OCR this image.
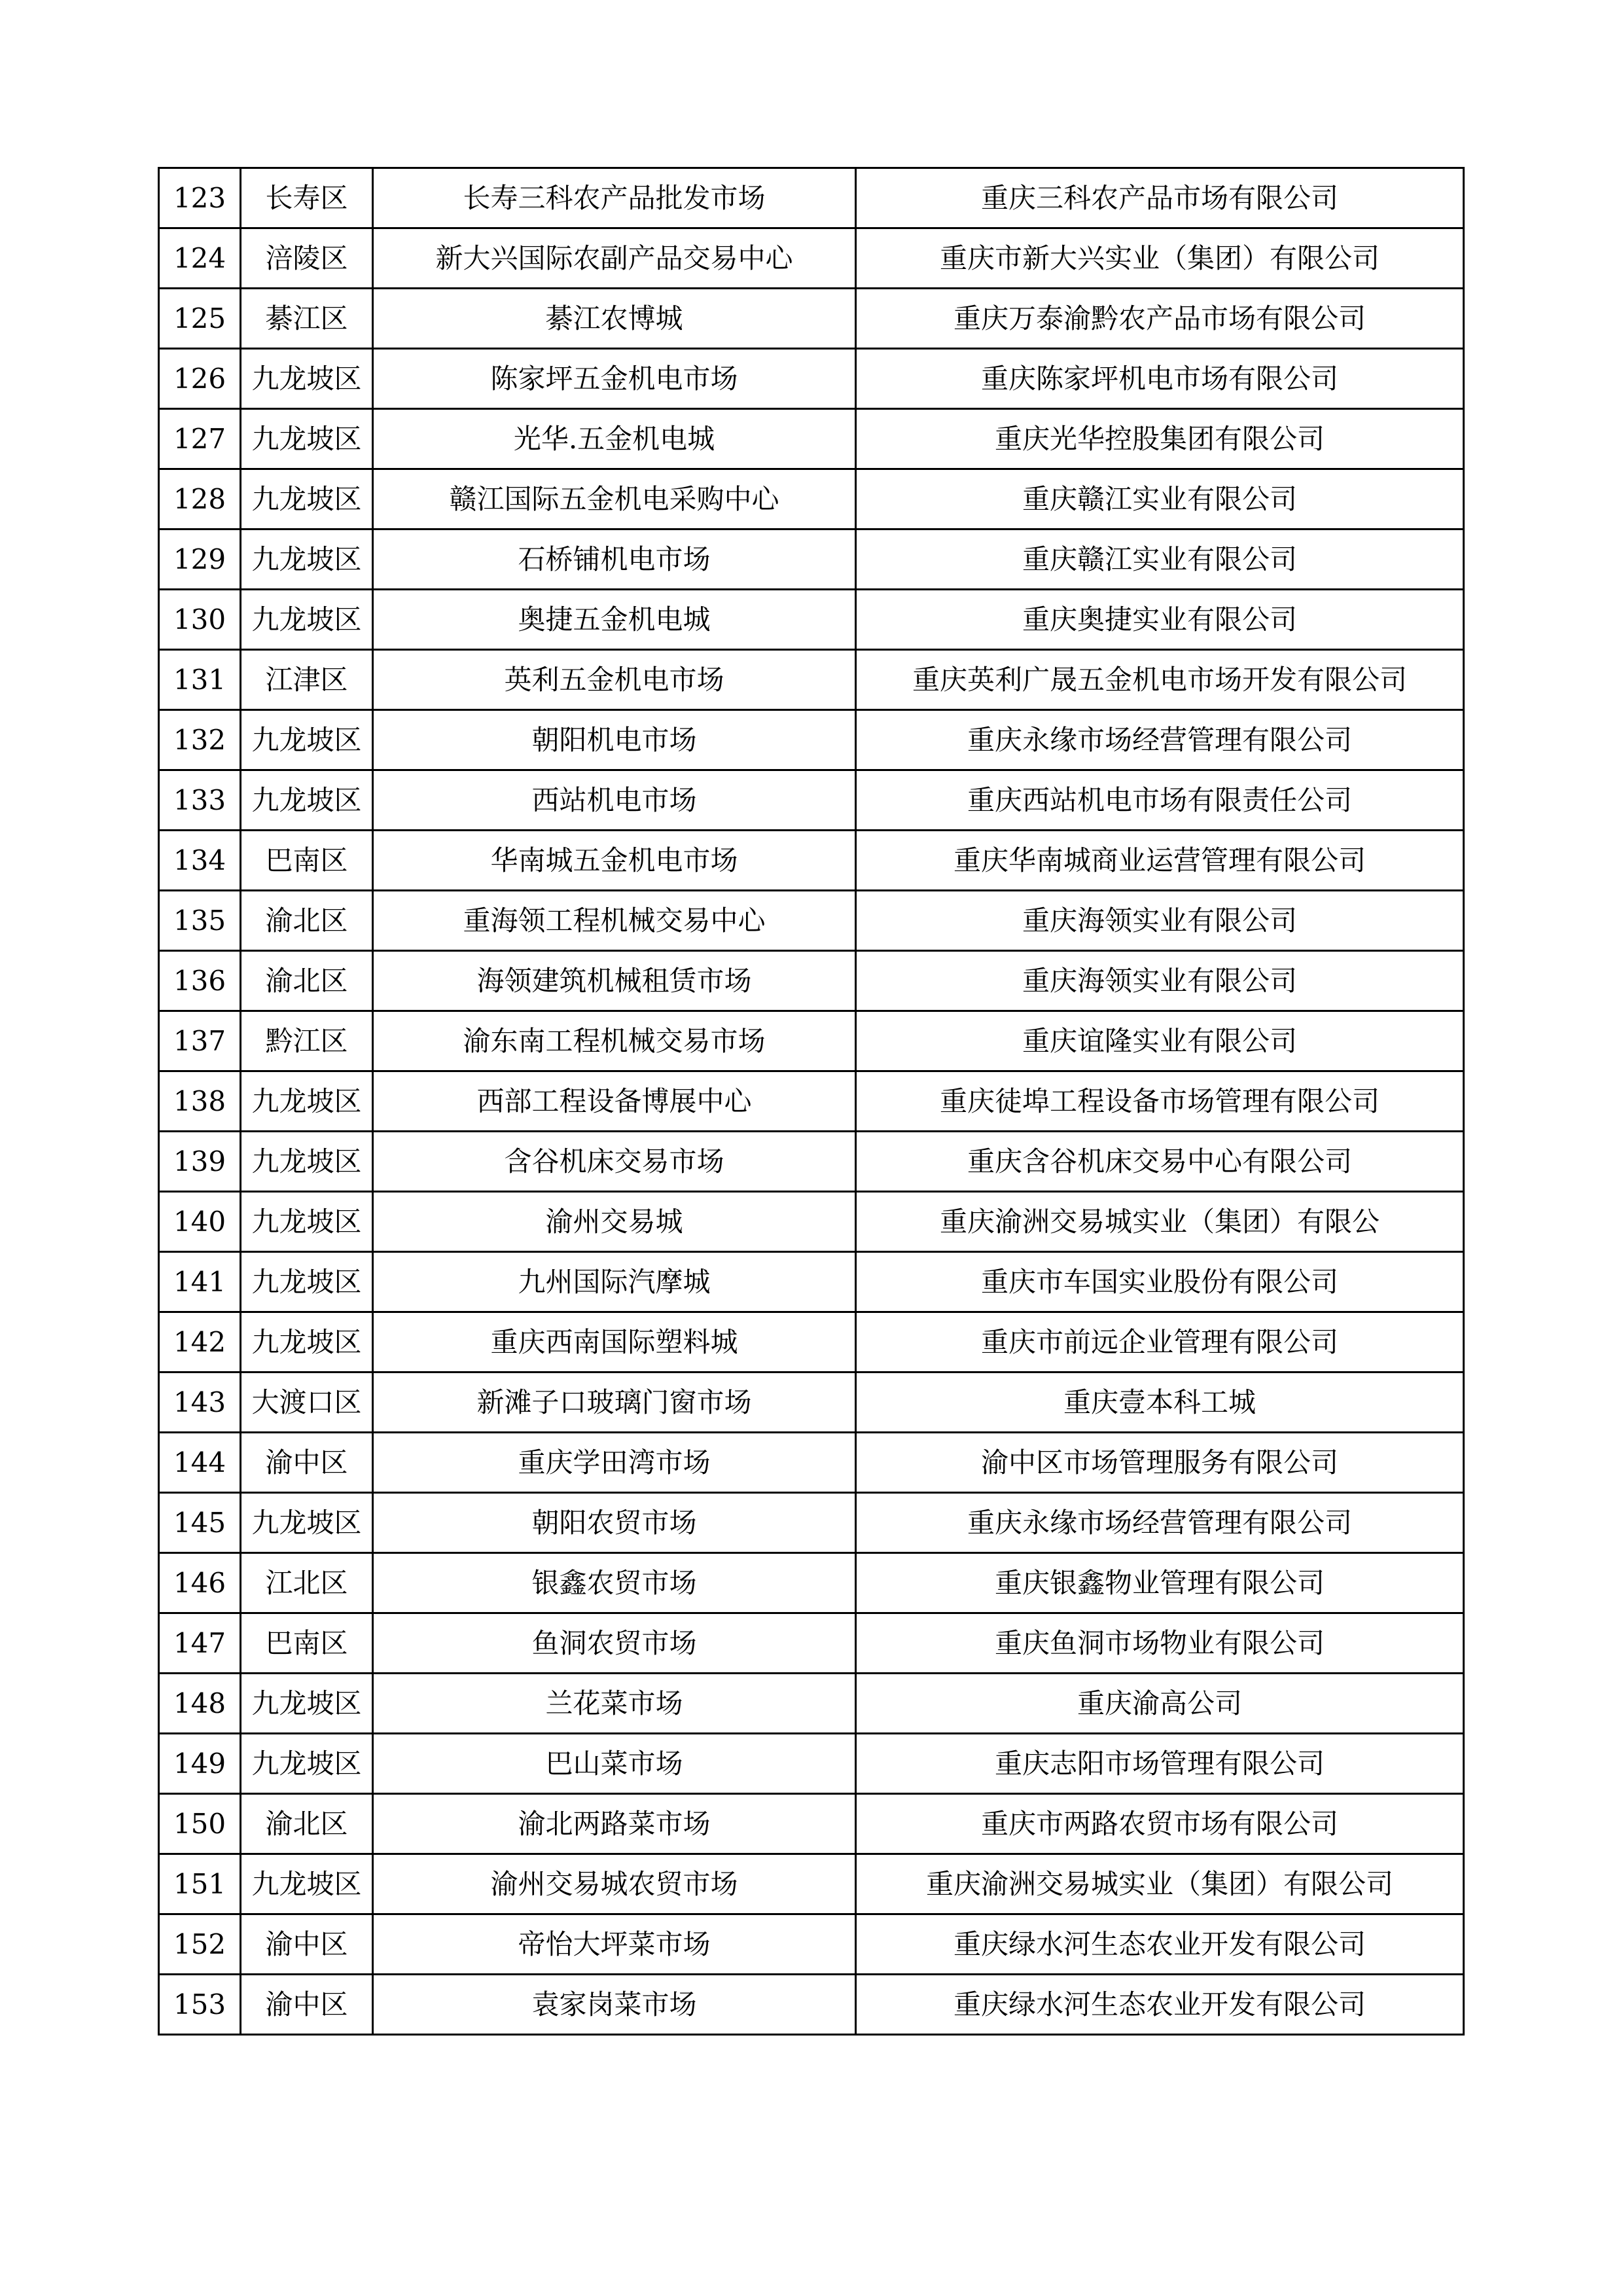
123	长寿区	长寿三科农产品批发市场	重庆三科农产品市场有限公司
124	涪陵区	新大兴国际农副产品交易中心	重庆市新大兴实业（集团）有限公司
125	綦江区	綦江农博城	重庆万泰渝黔农产品市场有限公司
126	九龙坡区	陈家坪五金机电市场	重庆陈家坪机电市场有限公司
127	九龙坡区	光华.五金机电城	重庆光华控股集团有限公司
128	九龙坡区	赣江国际五金机电采购中心	重庆赣江实业有限公司
129	九龙坡区	石桥铺机电市场	重庆赣江实业有限公司
130	九龙坡区	奥捷五金机电城	重庆奥捷实业有限公司
131	江津区	英利五金机电市场	重庆英利广晟五金机电市场开发有限公司
132	九龙坡区	朝阳机电市场	重庆永缘市场经营管理有限公司
133	九龙坡区	西站机电市场	重庆西站机电市场有限责任公司
134	巴南区	华南城五金机电市场	重庆华南城商业运营管理有限公司
135	渝北区	重海领工程机械交易中心	重庆海领实业有限公司
136	渝北区	海领建筑机械租赁市场	重庆海领实业有限公司
137	黔江区	渝东南工程机械交易市场	重庆谊隆实业有限公司
138	九龙坡区	西部工程设备博展中心	重庆徒埠工程设备市场管理有限公司
139	九龙坡区	含谷机床交易市场	重庆含谷机床交易中心有限公司
140	九龙坡区	渝州交易城	重庆渝洲交易城实业（集团）有限公
141	九龙坡区	九州国际汽摩城	重庆市车国实业股份有限公司
142	九龙坡区	重庆西南国际塑料城	重庆市前远企业管理有限公司
143	大渡口区	新滩子口玻璃门窗市场	重庆壹本科工城
144	渝中区	重庆学田湾市场	渝中区市场管理服务有限公司
145	九龙坡区	朝阳农贸市场	重庆永缘市场经营管理有限公司
146	江北区	银鑫农贸市场	重庆银鑫物业管理有限公司
147	巴南区	鱼洞农贸市场	重庆鱼洞市场物业有限公司
148	九龙坡区	兰花菜市场	重庆渝高公司
149	九龙坡区	巴山菜市场	重庆志阳市场管理有限公司
150	渝北区	渝北两路菜市场	重庆市两路农贸市场有限公司
151	九龙坡区	渝州交易城农贸市场	重庆渝洲交易城实业（集团）有限公司
152	渝中区	帝怡大坪菜市场	重庆绿水河生态农业开发有限公司
153	渝中区	袁家岗菜市场	重庆绿水河生态农业开发有限公司
